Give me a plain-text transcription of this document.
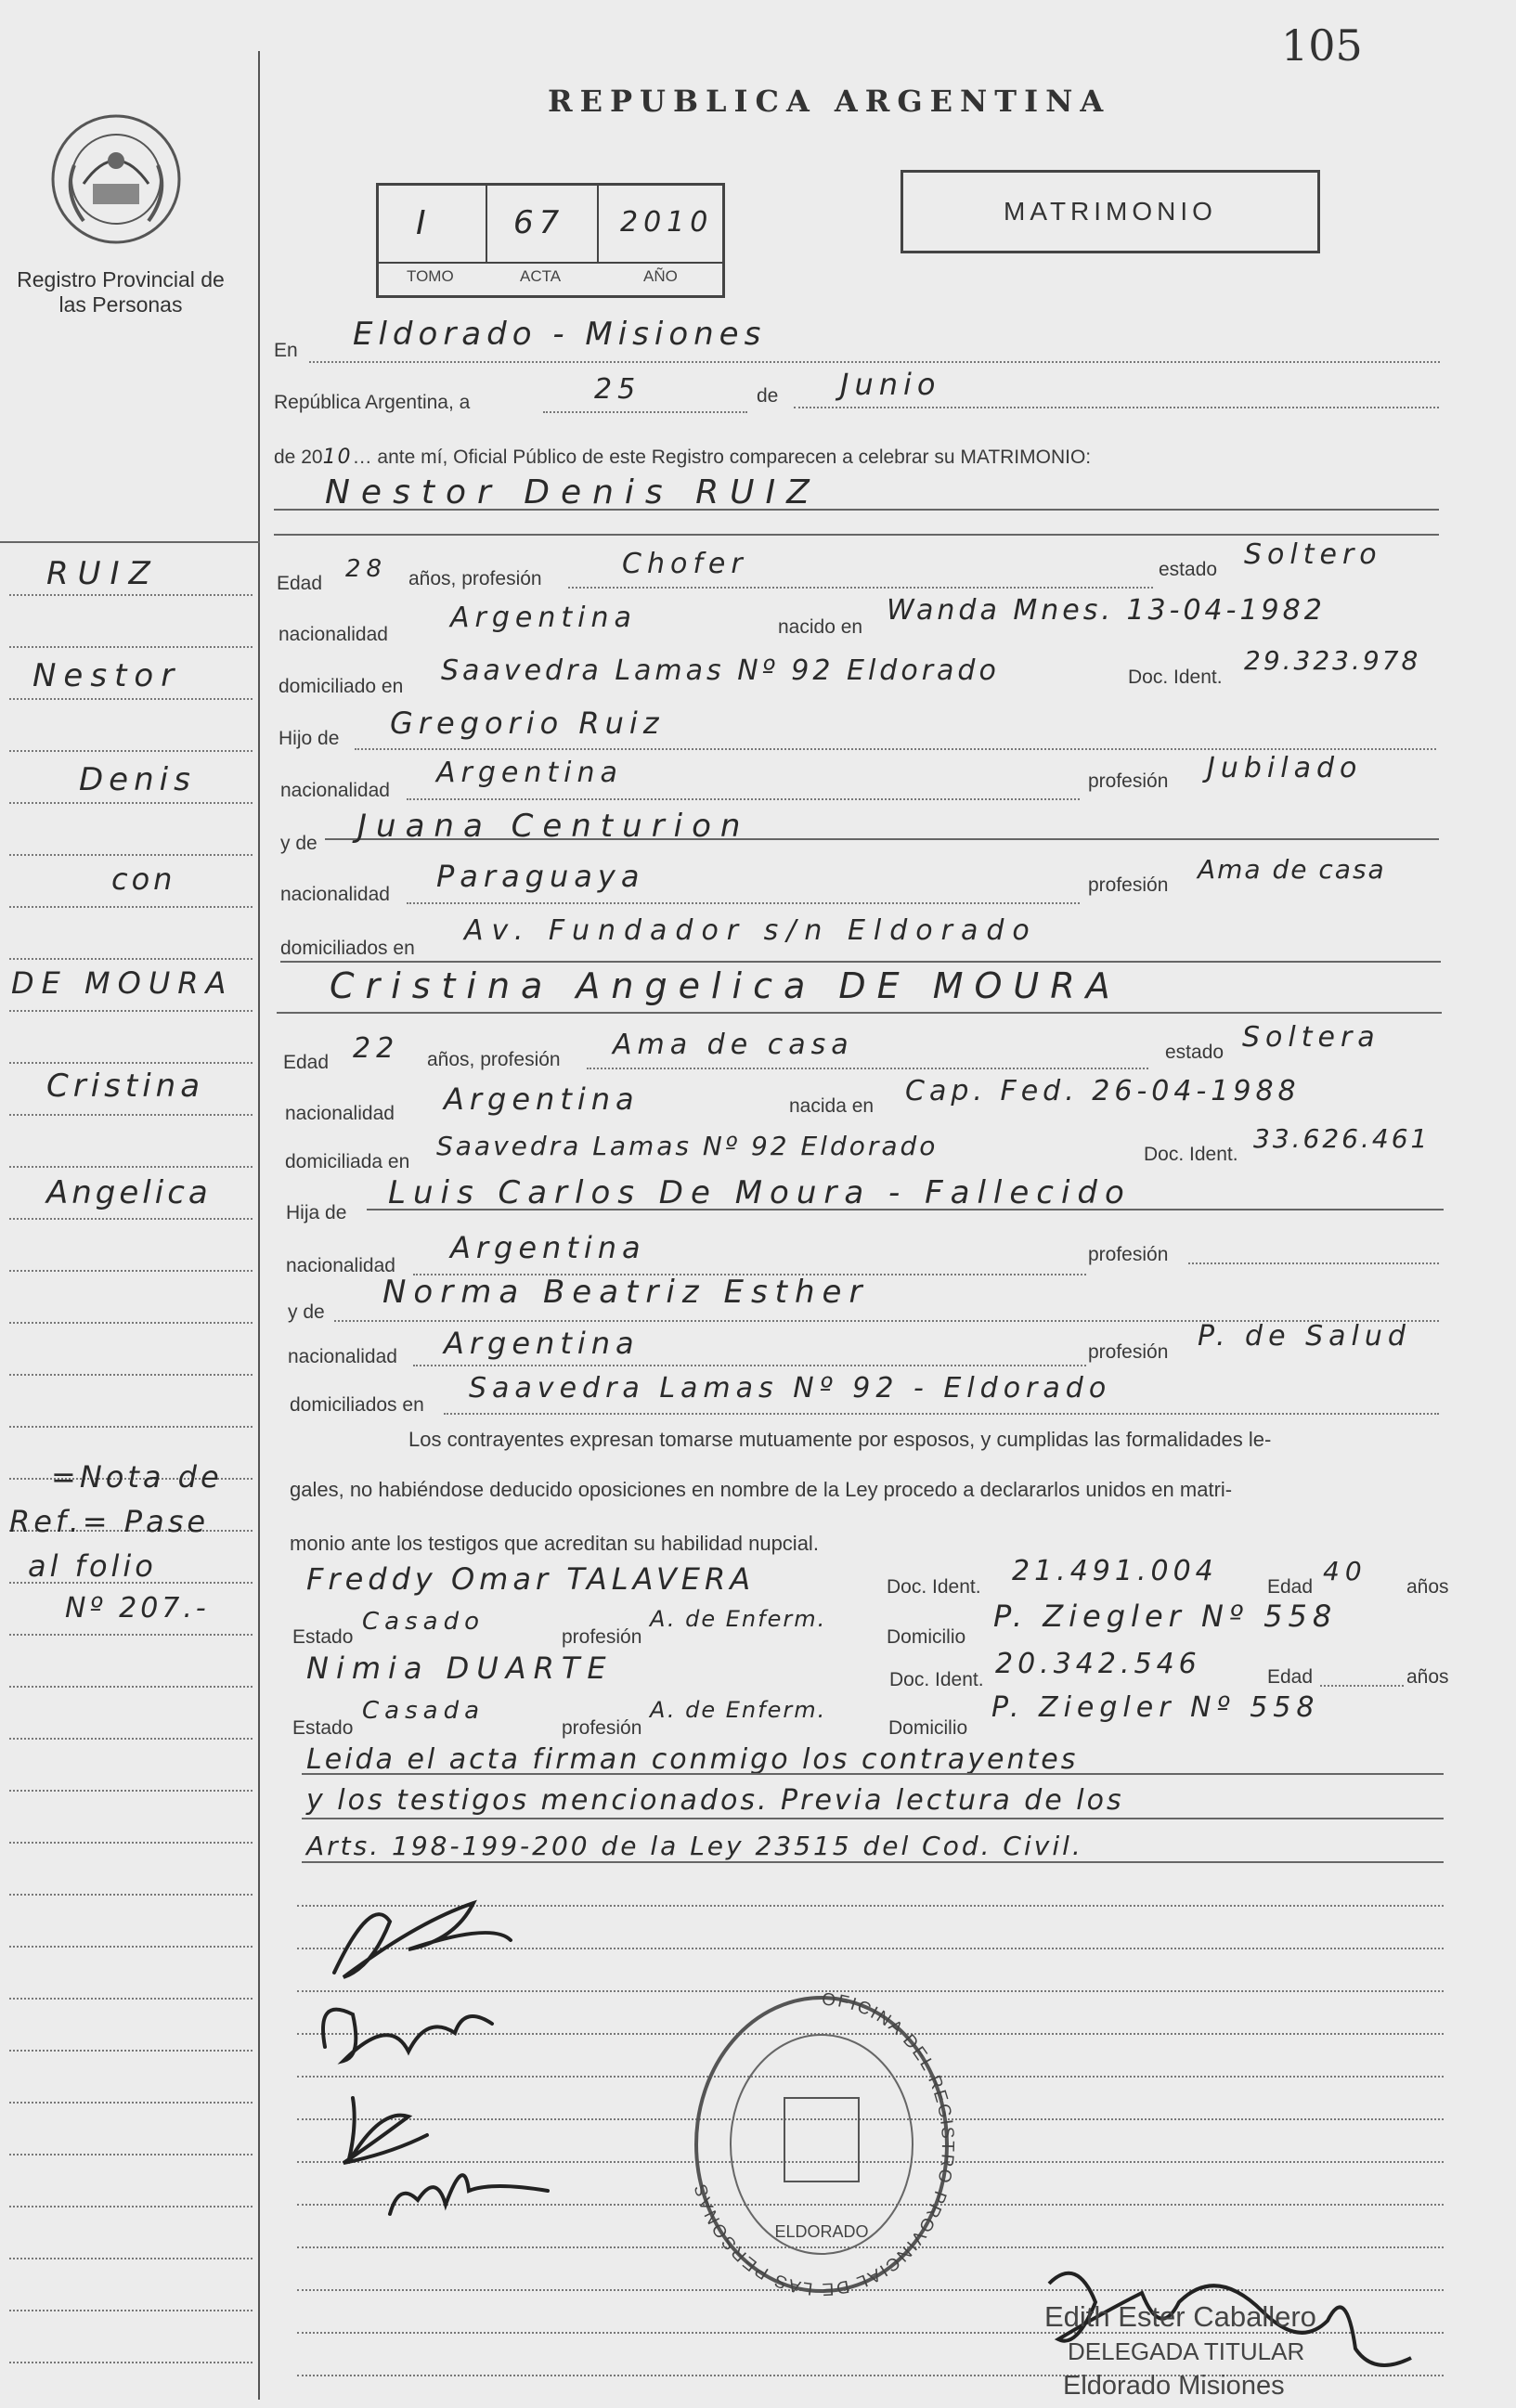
105
Registro Provincial de las Personas
REPUBLICA ARGENTINA
I	67 2010
TOMO	ACTA	AÑO
MATRIMONIO
En Eldorado - Misiones
República Argentina, a	25	de Junio
de 2010… ante mí, Oficial Público de este Registro comparecen a celebrar su MATRIMONIO:
Nestor Denis RUIZ
Edad
28 años, profesión	Chofer	estado Soltero
nacionalidad
Argentina	nacido en
Wanda Mnes. 13-04-1982
domiciliado en Saavedra Lamas Nº 92 Eldorado	Doc. Ident.
29.323.978
Hijo de Gregorio Ruiz
nacionalidad
Argentina	profesión Jubilado
y de Juana Centurion
nacionalidad
Paraguaya	profesión
Ama de casa
domiciliados en
Av. Fundador s/n Eldorado
Cristina Angelica DE MOURA
Edad 22 años, profesión Ama de casa	estado Soltera
nacionalidad Argentina	nacida en Cap. Fed. 26-04-1988
domiciliada en
Saavedra Lamas Nº 92 Eldorado	Doc. Ident.
33.626.461
Hija de
Luis Carlos De Moura - Fallecido
nacionalidad
Argentina	profesión
y de
Norma Beatriz Esther
nacionalidad Argentina	profesión P. de Salud
domiciliados en
Saavedra Lamas Nº 92 - Eldorado
Los contrayentes expresan tomarse mutuamente por esposos, y cumplidas las formalidades le-
gales, no habiéndose deducido oposiciones en nombre de la Ley procedo a declararlos unidos en matri-
monio ante los testigos que acreditan su habilidad nupcial.
Freddy Omar TALAVERA	Doc. Ident. 21.491.004	Edad
40
años
Estado
Casado
profesión
A. de Enferm.
Domicilio
P. Ziegler Nº 558
Nimia DUARTE	Doc. Ident. 20.342.546	Edad	años
Estado
Casada
profesión
A. de Enferm.
Domicilio
P. Ziegler Nº 558
Leida el acta firman conmigo los contrayentes
y los testigos mencionados. Previa lectura de los
Arts. 198-199-200 de la Ley 23515 del Cod. Civil.
RUIZ
Nestor
Denis
con
DE MOURA
Cristina
Angelica
=Nota de
Ref.= Pase
al folio
Nº 207.-
OFICINA DEL REGISTRO PROVINCIAL DE LAS PERSONAS
ELDORADO
Edith Ester Caballero
DELEGADA TITULAR
Eldorado Misiones
